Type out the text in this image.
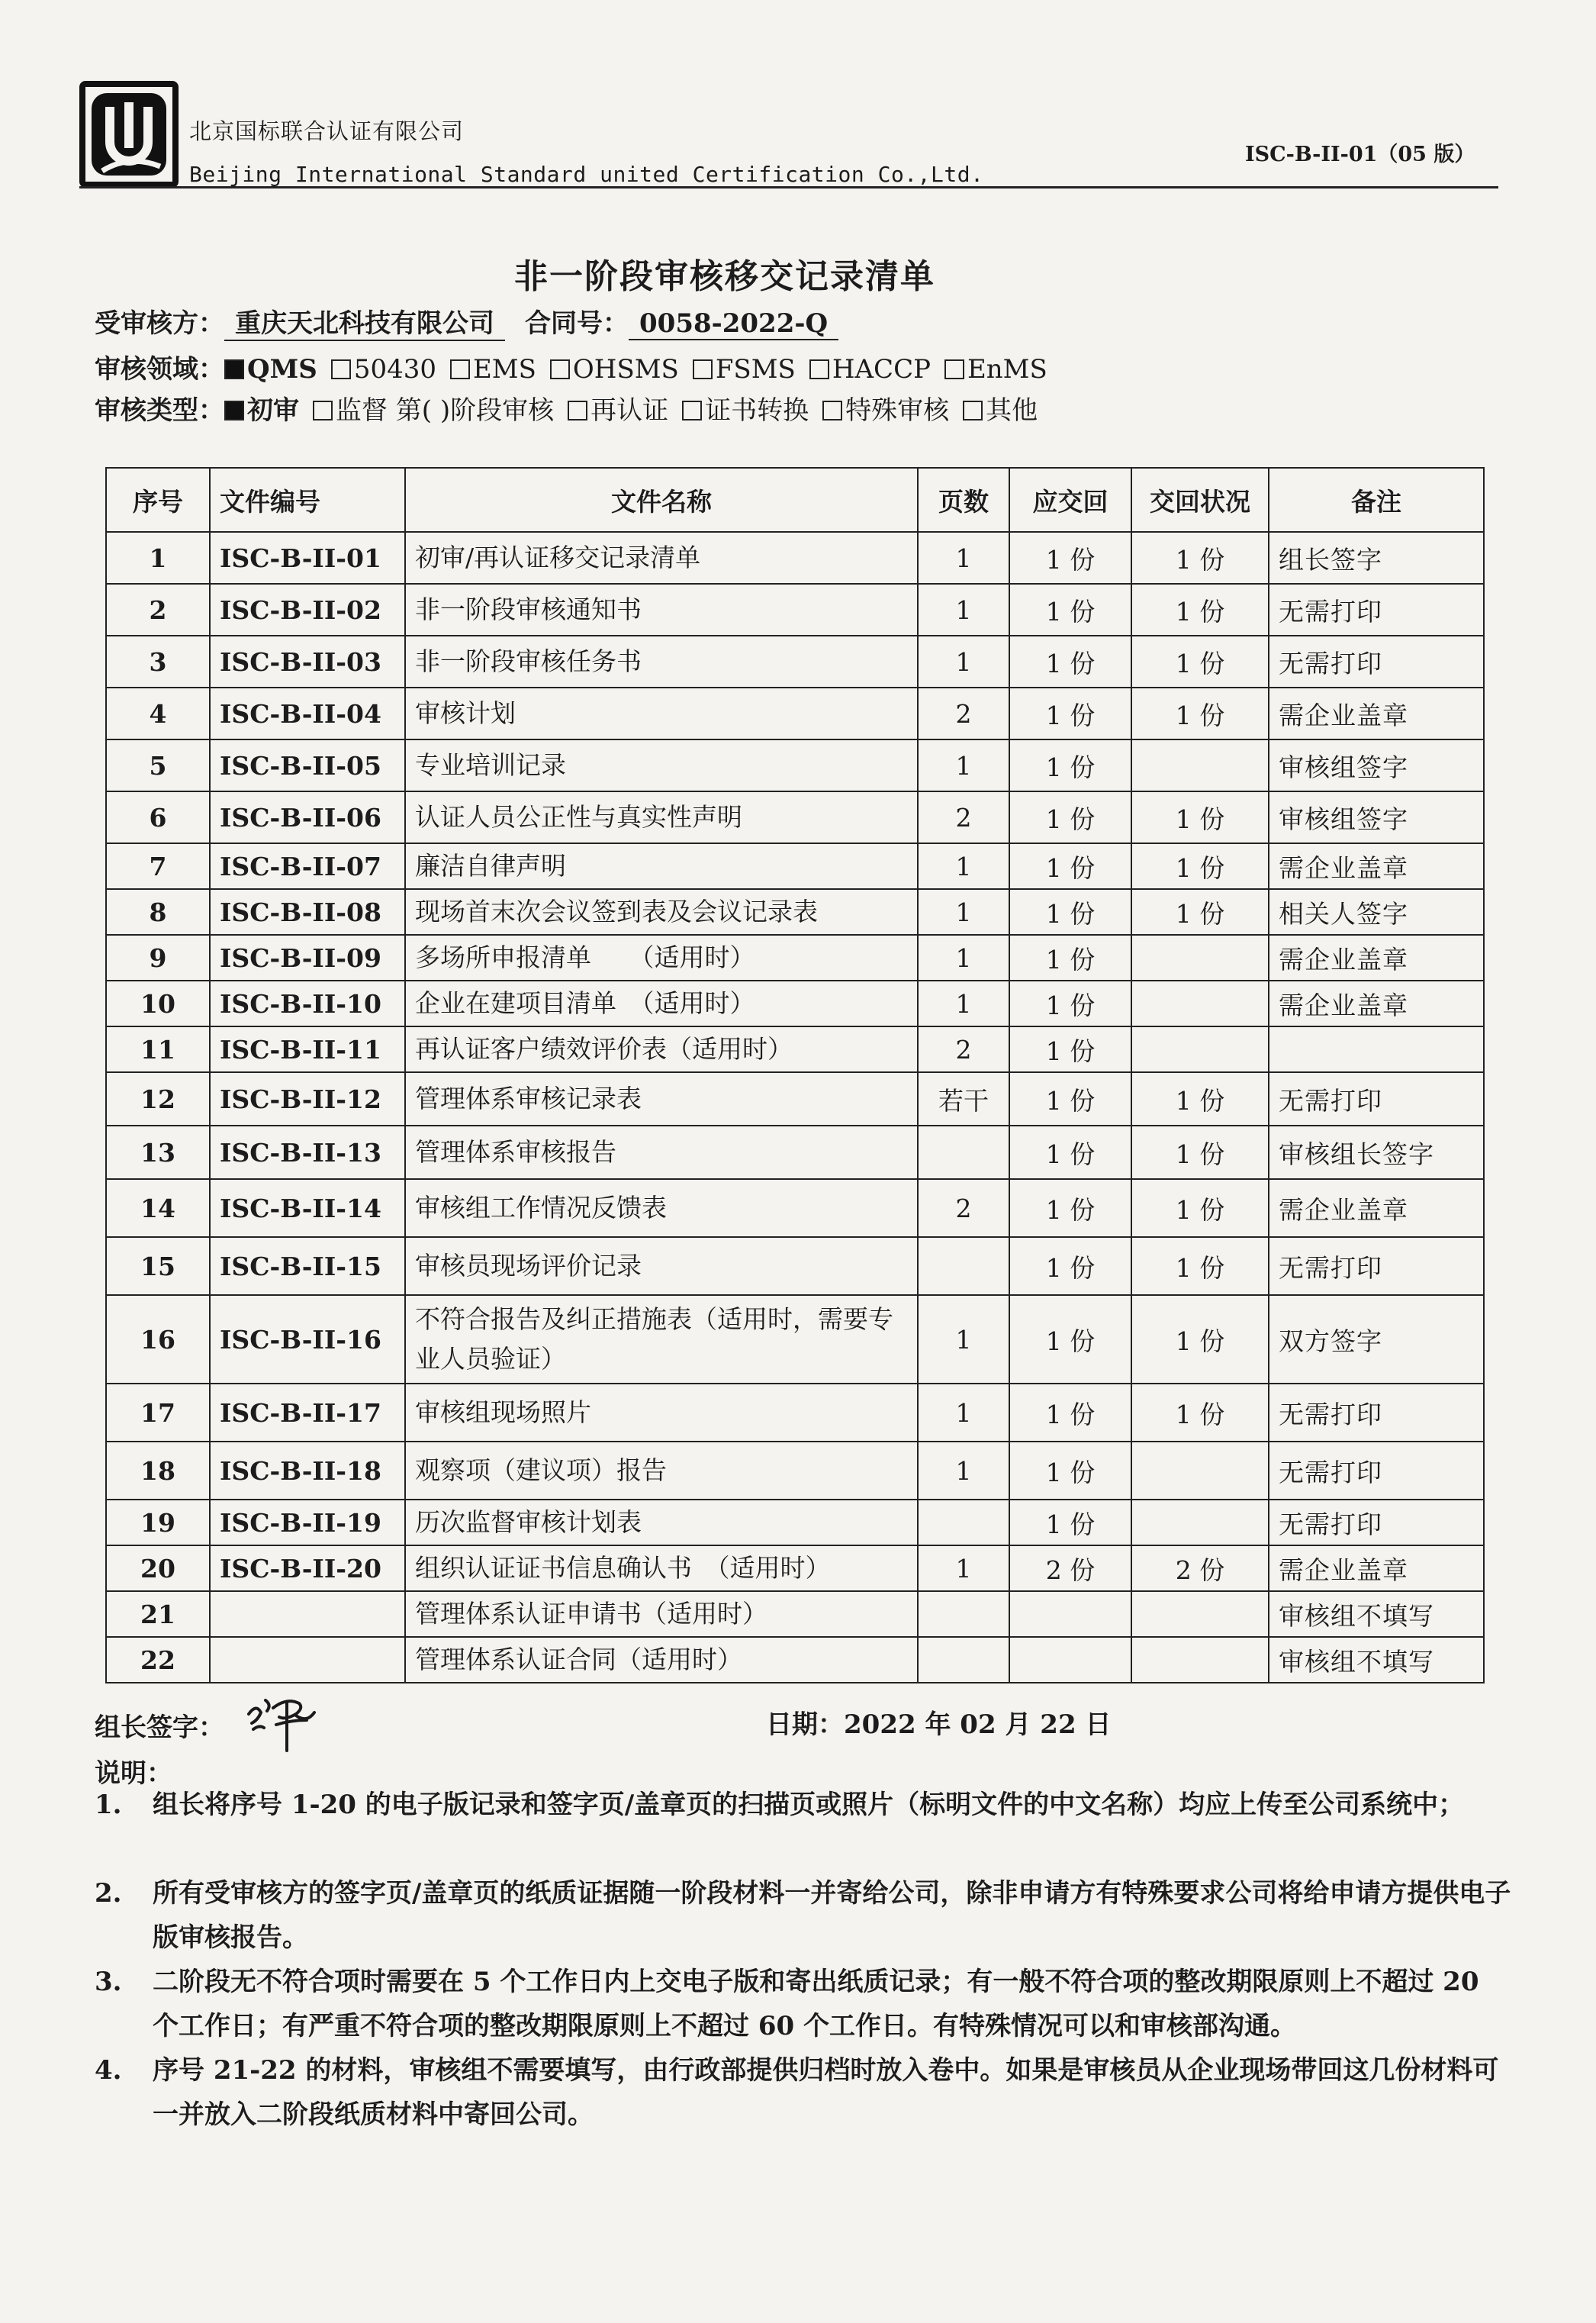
北京国标联合认证有限公司
Beijing International Standard united Certification Co.,Ltd.
ISC-B-II-01（05 版）
非一阶段审核移交记录清单
受审核方： 重庆天北科技有限公司 合同号： 0058-2022-Q
审核领域： QMS 50430 EMS OHSMS FSMS HACCP EnMS
审核类型： 初审 监督 第( )阶段审核 再认证 证书转换 特殊审核 其他
序号	文件编号	文件名称	页数	应交回	交回状况	备注
1	ISC-B-II-01	初审/再认证移交记录清单	1	1 份	1 份	组长签字
2	ISC-B-II-02	非一阶段审核通知书	1	1 份	1 份	无需打印
3	ISC-B-II-03	非一阶段审核任务书	1	1 份	1 份	无需打印
4	ISC-B-II-04	审核计划	2	1 份	1 份	需企业盖章
5	ISC-B-II-05	专业培训记录	1	1 份		审核组签字
6	ISC-B-II-06	认证人员公正性与真实性声明	2	1 份	1 份	审核组签字
7	ISC-B-II-07	廉洁自律声明	1	1 份	1 份	需企业盖章
8	ISC-B-II-08	现场首末次会议签到表及会议记录表	1	1 份	1 份	相关人签字
9	ISC-B-II-09	多场所申报清单　　（适用时）	1	1 份		需企业盖章
10	ISC-B-II-10	企业在建项目清单　（适用时）	1	1 份		需企业盖章
11	ISC-B-II-11	再认证客户绩效评价表（适用时）	2	1 份		
12	ISC-B-II-12	管理体系审核记录表	若干	1 份	1 份	无需打印
13	ISC-B-II-13	管理体系审核报告		1 份	1 份	审核组长签字
14	ISC-B-II-14	审核组工作情况反馈表	2	1 份	1 份	需企业盖章
15	ISC-B-II-15	审核员现场评价记录		1 份	1 份	无需打印
16	ISC-B-II-16	不符合报告及纠正措施表（适用时，需要专业人员验证）	1	1 份	1 份	双方签字
17	ISC-B-II-17	审核组现场照片	1	1 份	1 份	无需打印
18	ISC-B-II-18	观察项（建议项）报告	1	1 份		无需打印
19	ISC-B-II-19	历次监督审核计划表		1 份		无需打印
20	ISC-B-II-20	组织认证证书信息确认书　（适用时）	1	2 份	2 份	需企业盖章
21		管理体系认证申请书（适用时）				审核组不填写
22		管理体系认证合同（适用时）				审核组不填写
组长签字：	日期：2022 年 02 月 22 日
说明：
1. 组长将序号 1-20 的电子版记录和签字页/盖章页的扫描页或照片（标明文件的中文名称）均应上传至公司系统中；
2. 所有受审核方的签字页/盖章页的纸质证据随一阶段材料一并寄给公司，除非申请方有特殊要求公司将给申请方提供电子版审核报告。
3. 二阶段无不符合项时需要在 5 个工作日内上交电子版和寄出纸质记录；有一般不符合项的整改期限原则上不超过 20 个工作日；有严重不符合项的整改期限原则上不超过 60 个工作日。有特殊情况可以和审核部沟通。
4. 序号 21-22 的材料，审核组不需要填写，由行政部提供归档时放入卷中。如果是审核员从企业现场带回这几份材料可一并放入二阶段纸质材料中寄回公司。
